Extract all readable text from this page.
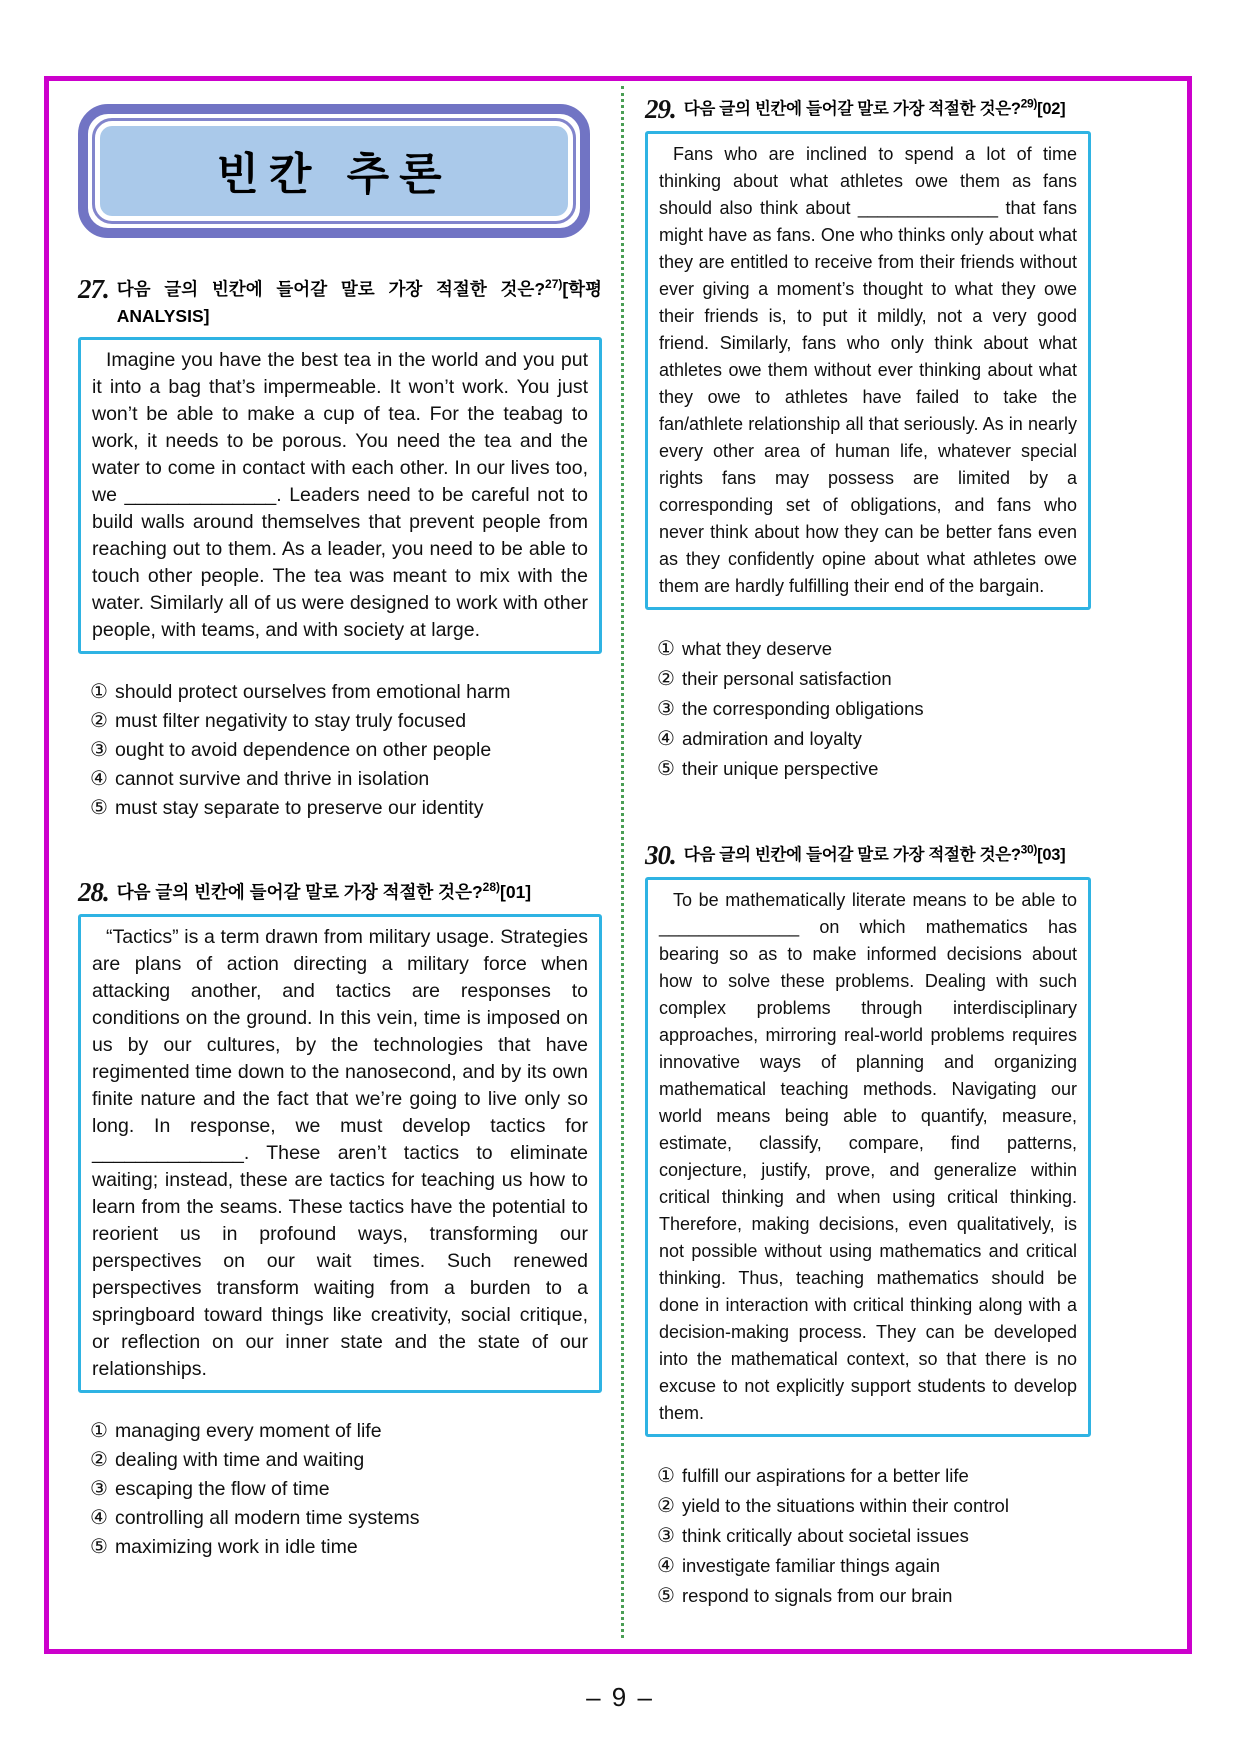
빈칸 추론
27. 다음 글의 빈칸에 들어갈 말로 가장 적절한 것은?$^{27)}$[학평
ANALYSIS]

Imagine you have the best tea in the world and you put it into a bag that’s impermeable. It won’t work. You just won’t be able to make a cup of tea. For the teabag to work, it needs to be porous. You need the tea and the water to come in contact with each other. In our lives too, we ______________. Leaders need to be careful not to build walls around themselves that prevent people from reaching out to them. As a leader, you need to be able to touch other people. The tea was meant to mix with the water. Similarly all of us were designed to work with other people, with teams, and with society at large.

① should protect ourselves from emotional harm
② must filter negativity to stay truly focused
③ ought to avoid dependence on other people
④ cannot survive and thrive in isolation
⑤ must stay separate to preserve our identity
28. 다음 글의 빈칸에 들어갈 말로 가장 적절한 것은?$^{28)}$[01]

“Tactics” is a term drawn from military usage. Strategies are plans of action directing a military force when attacking another, and tactics are responses to conditions on the ground. In this vein, time is imposed on us by our cultures, by the technologies that have regimented time down to the nanosecond, and by its own finite nature and the fact that we’re going to live only so long. In response, we must develop tactics for ______________. These aren’t tactics to eliminate waiting; instead, these are tactics for teaching us how to learn from the seams. These tactics have the potential to reorient us in profound ways, transforming our perspectives on our wait times. Such renewed perspectives transform waiting from a burden to a springboard toward things like creativity, social critique, or reflection on our inner state and the state of our relationships.

① managing every moment of life
② dealing with time and waiting
③ escaping the flow of time
④ controlling all modern time systems
⑤ maximizing work in idle time
29. 다음 글의 빈칸에 들어갈 말로 가장 적절한 것은?$^{29)}$[02]

Fans who are inclined to spend a lot of time thinking about what athletes owe them as fans should also think about ______________ that fans might have as fans. One who thinks only about what they are entitled to receive from their friends without ever giving a moment’s thought to what they owe their friends is, to put it mildly, not a very good friend. Similarly, fans who only think about what athletes owe them without ever thinking about what they owe to athletes have failed to take the fan/athlete relationship all that seriously. As in nearly every other area of human life, whatever special rights fans may possess are limited by a corresponding set of obligations, and fans who never think about how they can be better fans even as they confidently opine about what athletes owe them are hardly fulfilling their end of the bargain.

① what they deserve
② their personal satisfaction
③ the corresponding obligations
④ admiration and loyalty
⑤ their unique perspective
30. 다음 글의 빈칸에 들어갈 말로 가장 적절한 것은?$^{30)}$[03]

To be mathematically literate means to be able to ______________ on which mathematics has bearing so as to make informed decisions about how to solve these problems. Dealing with such complex problems through interdisciplinary approaches, mirroring real-world problems requires innovative ways of planning and organizing mathematical teaching methods. Navigating our world means being able to quantify, measure, estimate, classify, compare, find patterns, conjecture, justify, prove, and generalize within critical thinking and when using critical thinking. Therefore, making decisions, even qualitatively, is not possible without using mathematics and critical thinking. Thus, teaching mathematics should be done in interaction with critical thinking along with a decision-making process. They can be developed into the mathematical context, so that there is no excuse to not explicitly support students to develop them.

① fulfill our aspirations for a better life
② yield to the situations within their control
③ think critically about societal issues
④ investigate familiar things again
⑤ respond to signals from our brain
– 9 –
